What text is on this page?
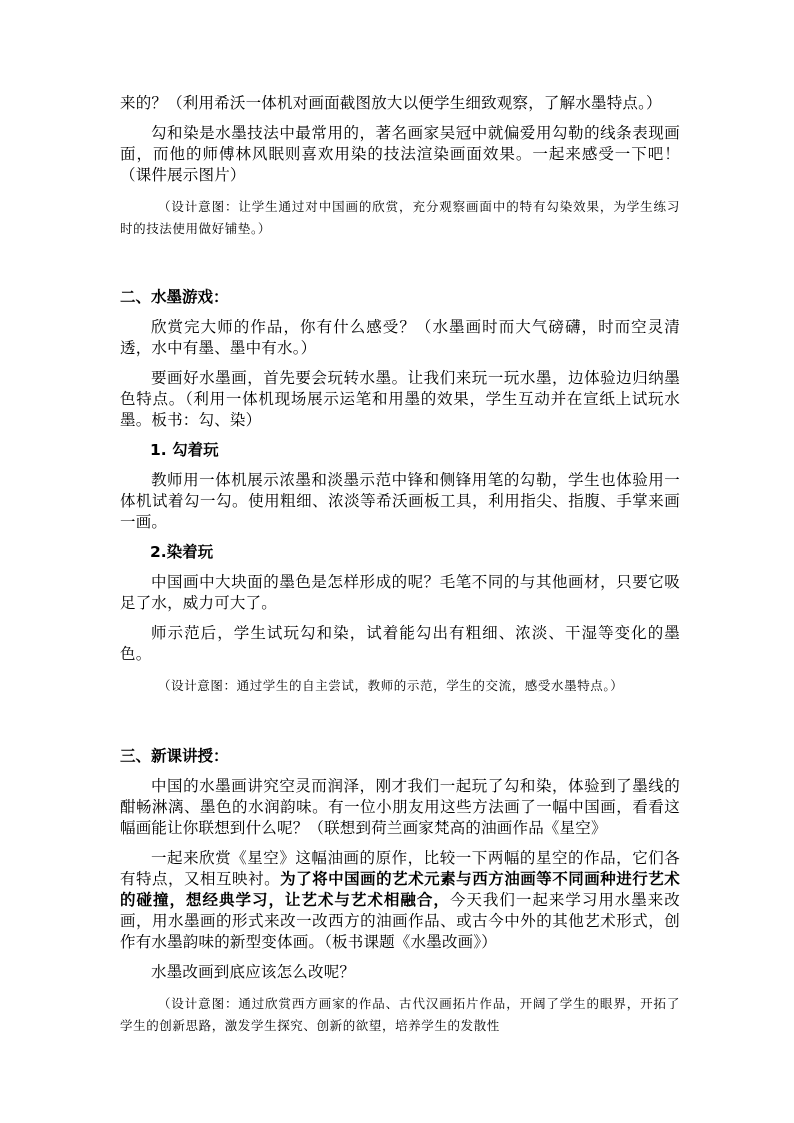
来的？（利用希沃一体机对画面截图放大以便学生细致观察，了解水墨特点。）

勾和染是水墨技法中最常用的，著名画家吴冠中就偏爱用勾勒的线条表现画面，而他的师傅林风眠则喜欢用染的技法渲染画面效果。一起来感受一下吧！（课件展示图片）

（设计意图：让学生通过对中国画的欣赏，充分观察画面中的特有勾染效果，为学生练习时的技法使用做好铺垫。）

二、水墨游戏：

欣赏完大师的作品，你有什么感受？（水墨画时而大气磅礴，时而空灵清透，水中有墨、墨中有水。）

要画好水墨画，首先要会玩转水墨。让我们来玩一玩水墨，边体验边归纳墨色特点。（利用一体机现场展示运笔和用墨的效果，学生互动并在宣纸上试玩水墨。板书：勾、染）

1. 勾着玩

教师用一体机展示浓墨和淡墨示范中锋和侧锋用笔的勾勒，学生也体验用一体机试着勾一勾。使用粗细、浓淡等希沃画板工具，利用指尖、指腹、手掌来画一画。

2.染着玩

中国画中大块面的墨色是怎样形成的呢？毛笔不同的与其他画材，只要它吸足了水，威力可大了。

师示范后，学生试玩勾和染，试着能勾出有粗细、浓淡、干湿等变化的墨色。

（设计意图：通过学生的自主尝试，教师的示范，学生的交流，感受水墨特点。）

三、新课讲授：

中国的水墨画讲究空灵而润泽，刚才我们一起玩了勾和染，体验到了墨线的酣畅淋漓、墨色的水润韵味。有一位小朋友用这些方法画了一幅中国画，看看这幅画能让你联想到什么呢？（联想到荷兰画家梵高的油画作品《星空》

一起来欣赏《星空》这幅油画的原作，比较一下两幅的星空的作品，它们各有特点，又相互映衬。为了将中国画的艺术元素与西方油画等不同画种进行艺术的碰撞，想经典学习，让艺术与艺术相融合，今天我们一起来学习用水墨来改画，用水墨画的形式来改一改西方的油画作品、或古今中外的其他艺术形式，创作有水墨韵味的新型变体画。（板书课题《水墨改画》）

水墨改画到底应该怎么改呢？

（设计意图：通过欣赏西方画家的作品、古代汉画拓片作品，开阔了学生的眼界，开拓了学生的创新思路，激发学生探究、创新的欲望，培养学生的发散性
